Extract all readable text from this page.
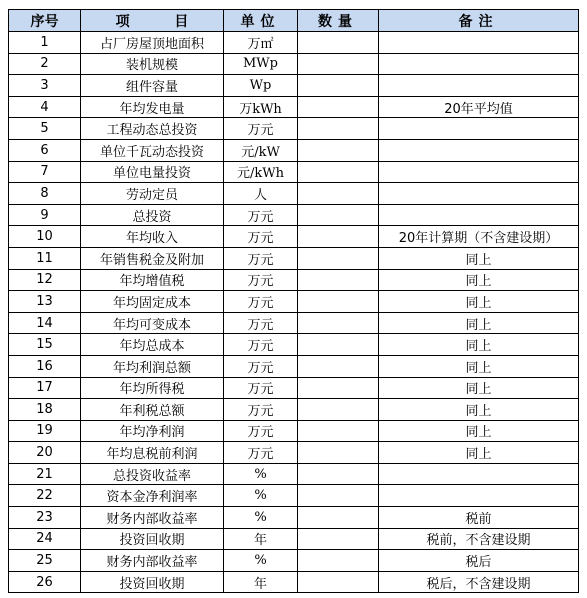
序号	项 目	单位	数量	备注
1	占厂房屋顶地面积	万㎡		
2	装机规模	MWp		
3	组件容量	Wp		
4	年均发电量	万kWh		20年平均值
5	工程动态总投资	万元		
6	单位千瓦动态投资	元/kW		
7	单位电量投资	元/kWh		
8	劳动定员	人		
9	总投资	万元		
10	年均收入	万元		20年计算期（不含建设期）
11	年销售税金及附加	万元		同上
12	年均增值税	万元		同上
13	年均固定成本	万元		同上
14	年均可变成本	万元		同上
15	年均总成本	万元		同上
16	年均利润总额	万元		同上
17	年均所得税	万元		同上
18	年利税总额	万元		同上
19	年均净利润	万元		同上
20	年均息税前利润	万元		同上
21	总投资收益率	%		
22	资本金净利润率	%		
23	财务内部收益率	%		税前
24	投资回收期	年		税前，不含建设期
25	财务内部收益率	%		税后
26	投资回收期	年		税后，不含建设期
